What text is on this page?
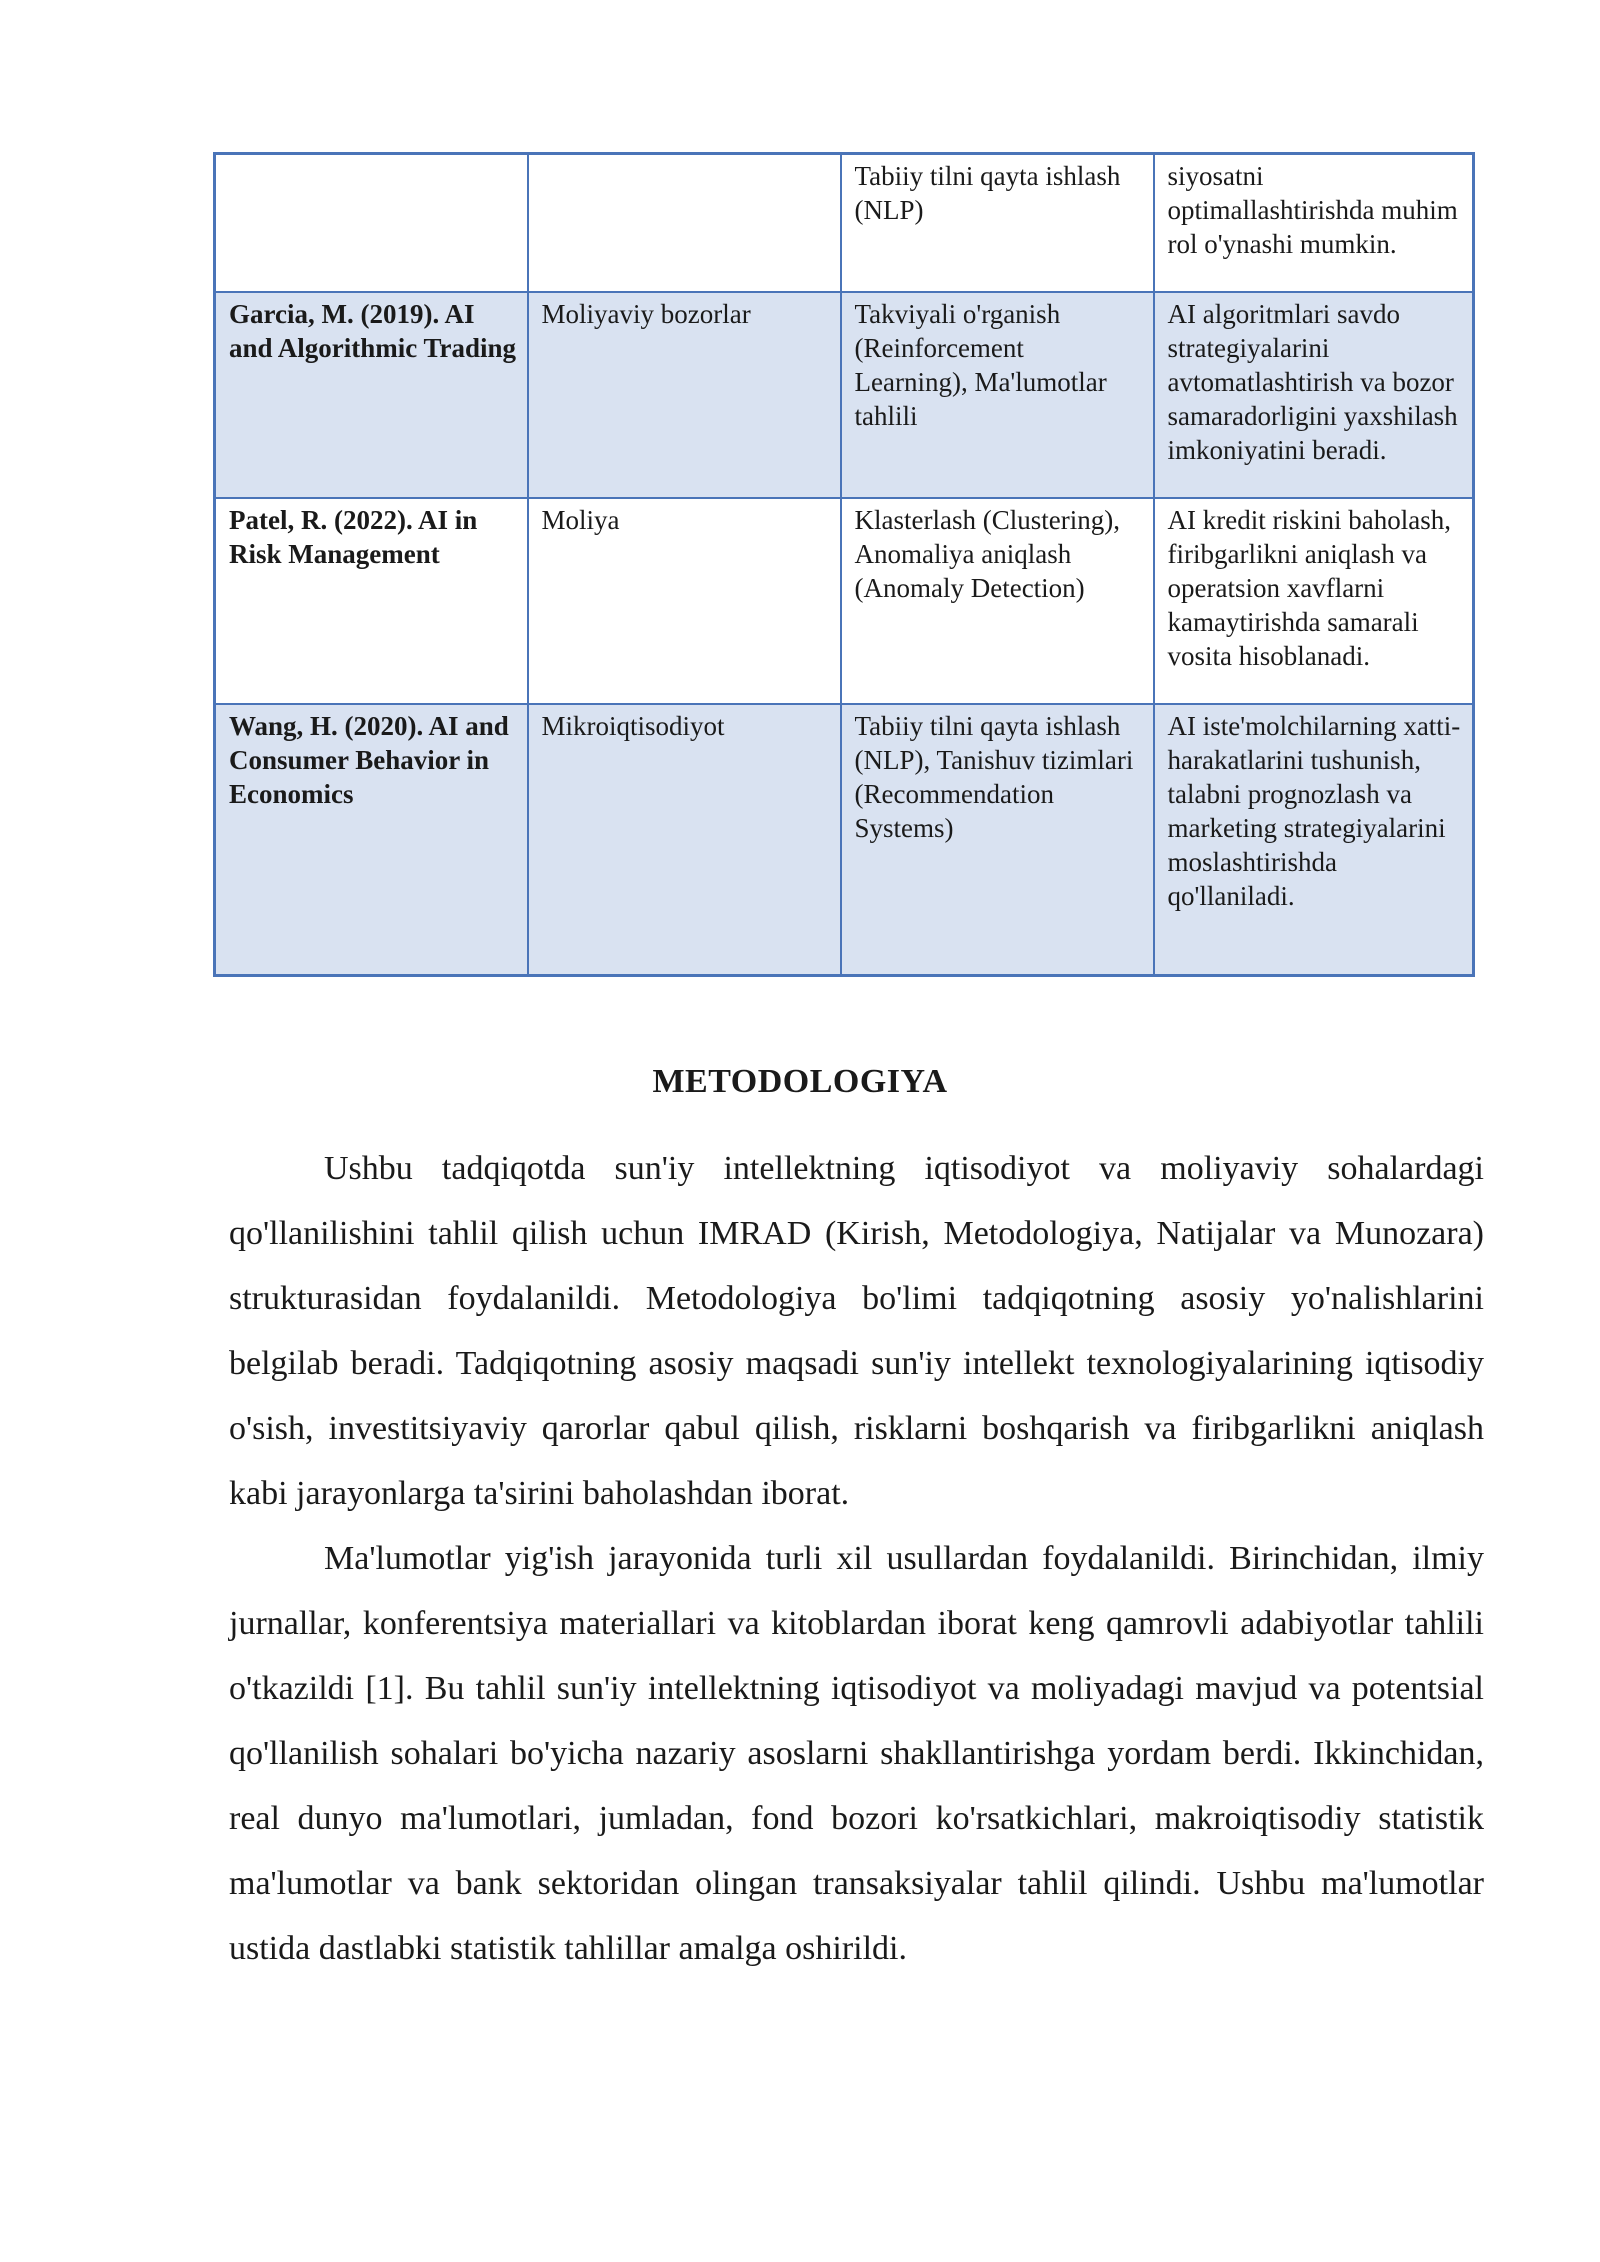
		Tabiiy tilni qayta ishlash (NLP)	siyosatni optimallashtirishda muhim rol o'ynashi mumkin.
Garcia, M. (2019). AI and Algorithmic Trading	Moliyaviy bozorlar	Takviyali o'rganish (Reinforcement Learning), Ma'lumotlar tahlili	AI algoritmlari savdo strategiyalarini avtomatlashtirish va bozor samaradorligini yaxshilash imkoniyatini beradi.
Patel, R. (2022). AI in Risk Management	Moliya	Klasterlash (Clustering), Anomaliya aniqlash (Anomaly Detection)	AI kredit riskini baholash, firibgarlikni aniqlash va operatsion xavflarni kamaytirishda samarali vosita hisoblanadi.
Wang, H. (2020). AI and Consumer Behavior in Economics	Mikroiqtisodiyot	Tabiiy tilni qayta ishlash (NLP), Tanishuv tizimlari (Recommendation Systems)	AI iste'molchilarning xatti-harakatlarini tushunish, talabni prognozlash va marketing strategiyalarini moslashtirishda qo'llaniladi.
METODOLOGIYA

Ushbu tadqiqotda sun'iy intellektning iqtisodiyot va moliyaviy sohalardagi qo'llanilishini tahlil qilish uchun IMRAD (Kirish, Metodologiya, Natijalar va Munozara) strukturasidan foydalanildi. Metodologiya bo'limi tadqiqotning asosiy yo'nalishlarini belgilab beradi. Tadqiqotning asosiy maqsadi sun'iy intellekt texnologiyalarining iqtisodiy o'sish, investitsiyaviy qarorlar qabul qilish, risklarni boshqarish va firibgarlikni aniqlash kabi jarayonlarga ta'sirini baholashdan iborat.

Ma'lumotlar yig'ish jarayonida turli xil usullardan foydalanildi. Birinchidan, ilmiy jurnallar, konferentsiya materiallari va kitoblardan iborat keng qamrovli adabiyotlar tahlili o'tkazildi [1]. Bu tahlil sun'iy intellektning iqtisodiyot va moliyadagi mavjud va potentsial qo'llanilish sohalari bo'yicha nazariy asoslarni shakllantirishga yordam berdi. Ikkinchidan, real dunyo ma'lumotlari, jumladan, fond bozori ko'rsatkichlari, makroiqtisodiy statistik ma'lumotlar va bank sektoridan olingan transaksiyalar tahlil qilindi. Ushbu ma'lumotlar ustida dastlabki statistik tahlillar amalga oshirildi.
